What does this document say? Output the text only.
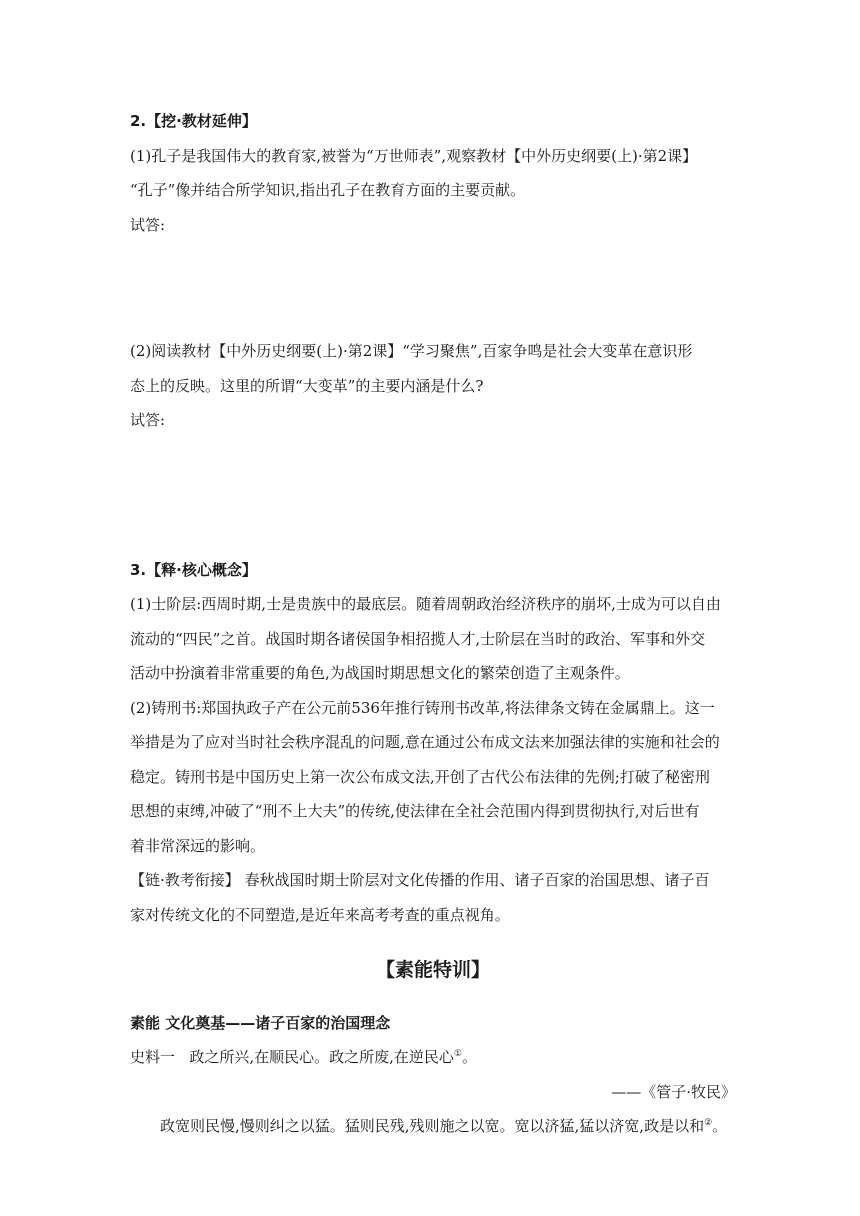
2.【挖·教材延伸】
(1)孔子是我国伟大的教育家,被誉为“万世师表”,观察教材【中外历史纲要(上)·第2课】
“孔子”像并结合所学知识,指出孔子在教育方面的主要贡献。
试答:
(2)阅读教材【中外历史纲要(上)·第2课】“学习聚焦”,百家争鸣是社会大变革在意识形
态上的反映。这里的所谓“大变革”的主要内涵是什么?
试答:
3.【释·核心概念】
(1)士阶层:西周时期,士是贵族中的最底层。随着周朝政治经济秩序的崩坏,士成为可以自由
流动的“四民”之首。战国时期各诸侯国争相招揽人才,士阶层在当时的政治、军事和外交
活动中扮演着非常重要的角色,为战国时期思想文化的繁荣创造了主观条件。
(2)铸刑书:郑国执政子产在公元前536年推行铸刑书改革,将法律条文铸在金属鼎上。这一
举措是为了应对当时社会秩序混乱的问题,意在通过公布成文法来加强法律的实施和社会的
稳定。铸刑书是中国历史上第一次公布成文法,开创了古代公布法律的先例;打破了秘密刑
思想的束缚,冲破了“刑不上大夫”的传统,使法律在全社会范围内得到贯彻执行,对后世有
着非常深远的影响。
【链·教考衔接】 春秋战国时期士阶层对文化传播的作用、诸子百家的治国思想、诸子百
家对传统文化的不同塑造,是近年来高考考查的重点视角。
【素能特训】
素能 文化奠基——诸子百家的治国理念
史料一 政之所兴,在顺民心。政之所废,在逆民心①。
——《管子·牧民》
政宽则民慢,慢则纠之以猛。猛则民残,残则施之以宽。宽以济猛,猛以济宽,政是以和②。
